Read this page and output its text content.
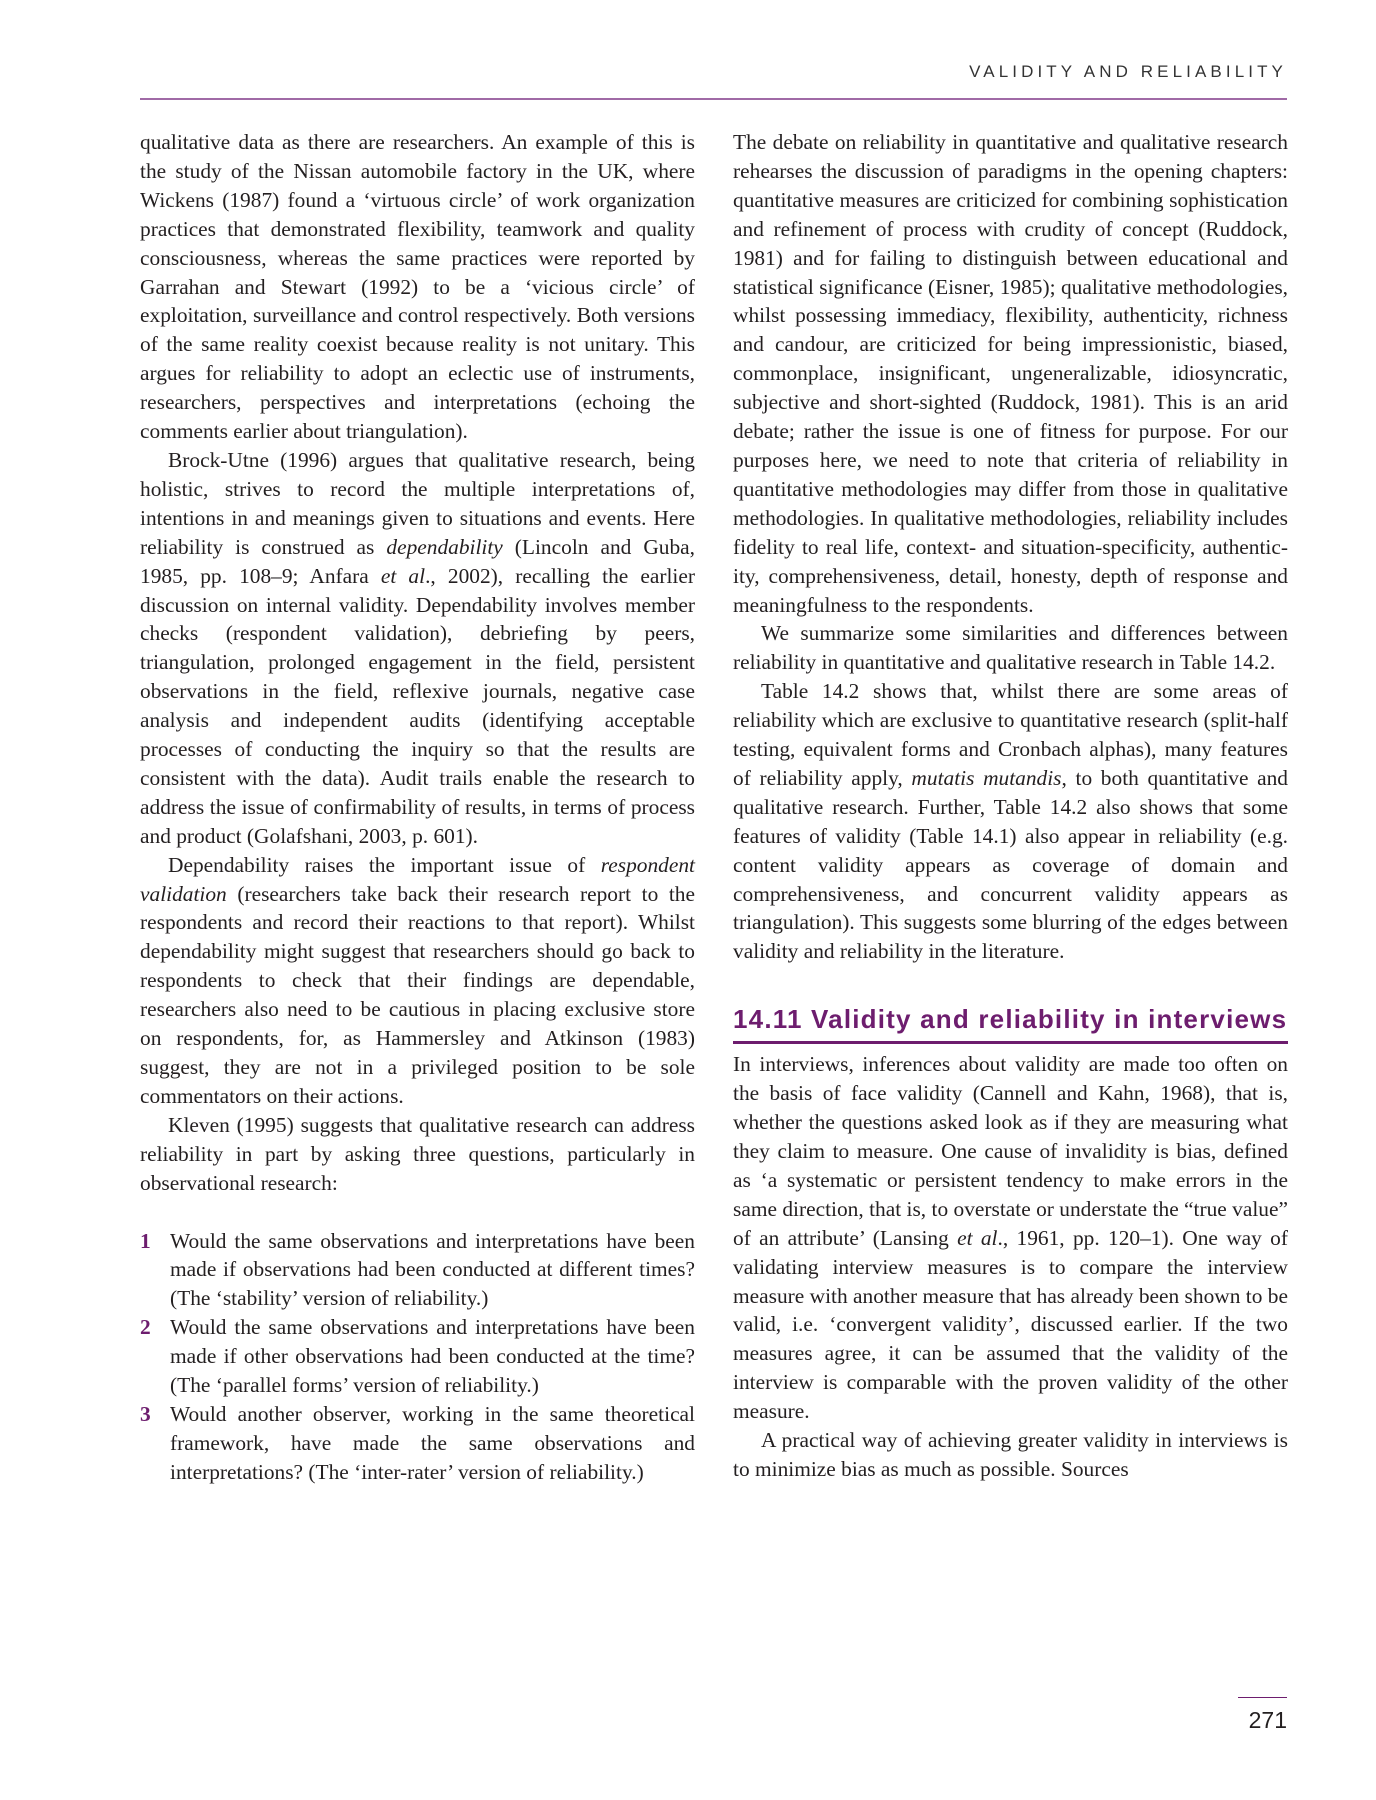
VALIDITY AND RELIABILITY

qualitative data as there are researchers. An example of this is the study of the Nissan automobile factory in the UK, where Wickens (1987) found a ‘virtuous circle’ of work organization practices that demonstrated flexibility, teamwork and quality consciousness, whereas the same practices were reported by Garrahan and Stewart (1992) to be a ‘vicious circle’ of exploitation, surveillance and control respectively. Both versions of the same reality coexist because reality is not unitary. This argues for reliability to adopt an eclectic use of instruments, researchers, perspectives and interpretations (echoing the comments earlier about triangulation).

Brock-Utne (1996) argues that qualitative research, being holistic, strives to record the multiple interpretations of, intentions in and meanings given to situations and events. Here reliability is construed as dependability (Lincoln and Guba, 1985, pp. 108–9; Anfara et al., 2002), recalling the earlier discussion on internal validity. Dependability involves member checks (respondent validation), debriefing by peers, triangulation, prolonged engagement in the field, persistent observations in the field, reflexive journals, negative case analysis and independent audits (identifying acceptable processes of conducting the inquiry so that the results are consistent with the data). Audit trails enable the research to address the issue of confirmability of results, in terms of process and product (Golafshani, 2003, p. 601).

Dependability raises the important issue of respondent validation (researchers take back their research report to the respondents and record their reactions to that report). Whilst dependability might suggest that researchers should go back to respondents to check that their findings are dependable, researchers also need to be cautious in placing exclusive store on respondents, for, as Hammersley and Atkinson (1983) suggest, they are not in a privileged position to be sole commentators on their actions.

Kleven (1995) suggests that qualitative research can address reliability in part by asking three questions, particularly in observational research:

1 Would the same observations and interpretations have been made if observations had been conducted at different times? (The ‘stability’ version of reliability.)
2 Would the same observations and interpretations have been made if other observations had been conducted at the time? (The ‘parallel forms’ version of reliability.)
3 Would another observer, working in the same theoretical framework, have made the same observations and interpretations? (The ‘inter-rater’ version of reliability.)

The debate on reliability in quantitative and qualitative research rehearses the discussion of paradigms in the opening chapters: quantitative measures are criticized for combining sophistication and refinement of process with crudity of concept (Ruddock, 1981) and for failing to distinguish between educational and statistical significance (Eisner, 1985); qualitative methodologies, whilst possessing immediacy, flexibility, authenticity, richness and candour, are criticized for being impressionistic, biased, commonplace, insignificant, ungeneralizable, idiosyncratic, subjective and short-sighted (Ruddock, 1981). This is an arid debate; rather the issue is one of fitness for purpose. For our purposes here, we need to note that criteria of reliability in quantitative methodologies may differ from those in qualitative methodologies. In qualitative methodologies, reliability includes fidelity to real life, context- and situation-specificity, authenticity, comprehensiveness, detail, honesty, depth of response and meaningfulness to the respondents.

We summarize some similarities and differences between reliability in quantitative and qualitative research in Table 14.2.

Table 14.2 shows that, whilst there are some areas of reliability which are exclusive to quantitative research (split-half testing, equivalent forms and Cronbach alphas), many features of reliability apply, mutatis mutandis, to both quantitative and qualitative research. Further, Table 14.2 also shows that some features of validity (Table 14.1) also appear in reliability (e.g. content validity appears as coverage of domain and comprehensiveness, and concurrent validity appears as triangulation). This suggests some blurring of the edges between validity and reliability in the literature.

14.11 Validity and reliability in interviews

In interviews, inferences about validity are made too often on the basis of face validity (Cannell and Kahn, 1968), that is, whether the questions asked look as if they are measuring what they claim to measure. One cause of invalidity is bias, defined as ‘a systematic or persistent tendency to make errors in the same direction, that is, to overstate or understate the “true value” of an attribute’ (Lansing et al., 1961, pp. 120–1). One way of validating interview measures is to compare the interview measure with another measure that has already been shown to be valid, i.e. ‘convergent validity’, discussed earlier. If the two measures agree, it can be assumed that the validity of the interview is comparable with the proven validity of the other measure.

A practical way of achieving greater validity in interviews is to minimize bias as much as possible. Sources

271
